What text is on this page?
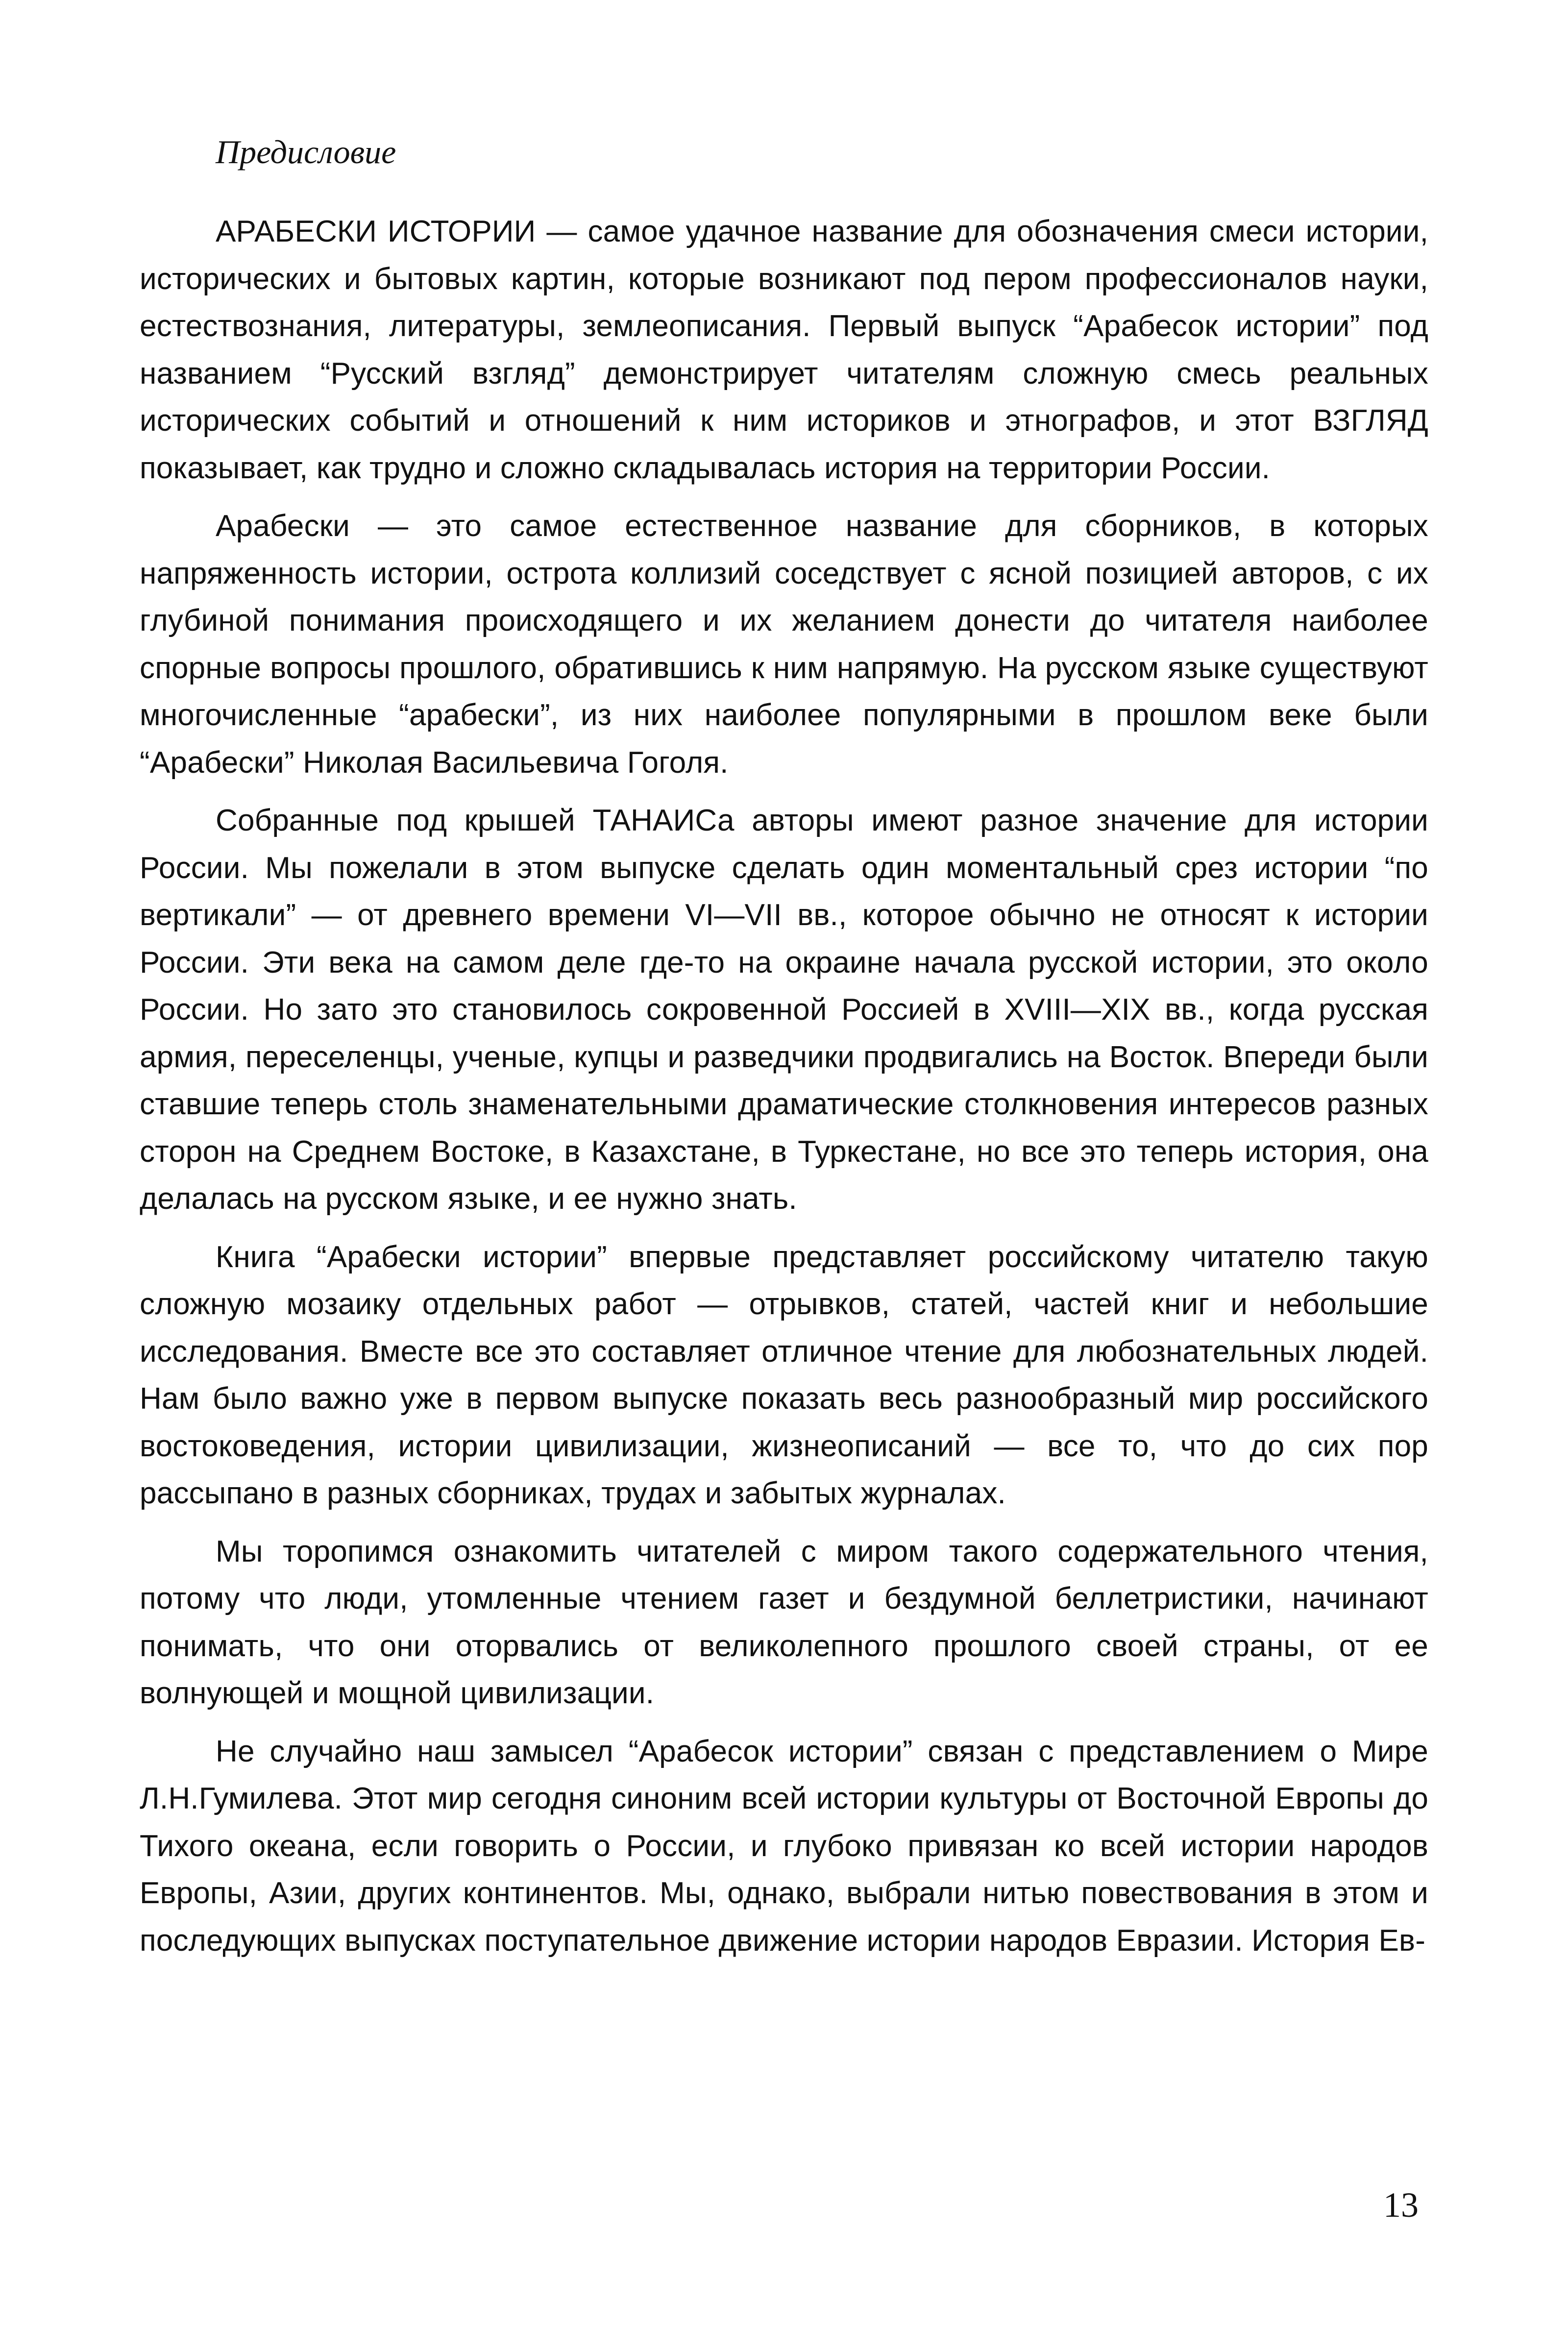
Предисловие

АРАБЕСКИ ИСТОРИИ — самое удачное название для обозначения смеси истории, исторических и бытовых картин, которые возникают под пером профессионалов науки, естествознания, литературы, землеописания. Первый выпуск “Арабесок истории” под названием “Русский взгляд” демонстрирует читателям сложную смесь реальных исторических событий и отношений к ним историков и этнографов, и этот ВЗГЛЯД показывает, как трудно и сложно складывалась история на территории России.

Арабески — это самое естественное название для сборников, в которых напряженность истории, острота коллизий соседствует с ясной позицией авторов, с их глубиной понимания происходящего и их желанием донести до читателя наиболее спорные вопросы прошлого, обратившись к ним напрямую. На русском языке существуют многочисленные “арабески”, из них наиболее популярными в прошлом веке были “Арабески” Николая Васильевича Гоголя.

Собранные под крышей ТАНАИСа авторы имеют разное значение для истории России. Мы пожелали в этом выпуске сделать один моментальный срез истории “по вертикали” — от древнего времени VI—VII вв., которое обычно не относят к истории России. Эти века на самом деле где-то на окраине начала русской истории, это около России. Но зато это становилось сокровенной Россией в XVIII—XIX вв., когда русская армия, переселенцы, ученые, купцы и разведчики продвигались на Восток. Впереди были ставшие теперь столь знаменательными драматические столкновения интересов разных сторон на Среднем Востоке, в Казахстане, в Туркестане, но все это теперь история, она делалась на русском языке, и ее нужно знать.

Книга “Арабески истории” впервые представляет российскому читателю такую сложную мозаику отдельных работ — отрывков, статей, частей книг и небольшие исследования. Вместе все это составляет отличное чтение для любознательных людей. Нам было важно уже в первом выпуске показать весь разнообразный мир российского востоковедения, истории цивилизации, жизнеописаний — все то, что до сих пор рассыпано в разных сборниках, трудах и забытых журналах.

Мы торопимся ознакомить читателей с миром такого содержательного чтения, потому что люди, утомленные чтением газет и бездумной беллетристики, начинают понимать, что они оторвались от великолепного прошлого своей страны, от ее волнующей и мощной цивилизации.

Не случайно наш замысел “Арабесок истории” связан с представлением о Мире Л.Н.Гумилева. Этот мир сегодня синоним всей истории культуры от Восточной Европы до Тихого океана, если говорить о России, и глубоко привязан ко всей истории народов Европы, Азии, других континентов. Мы, однако, выбрали нитью повествования в этом и последующих выпусках поступательное движение истории народов Евразии. История Ев-

13
